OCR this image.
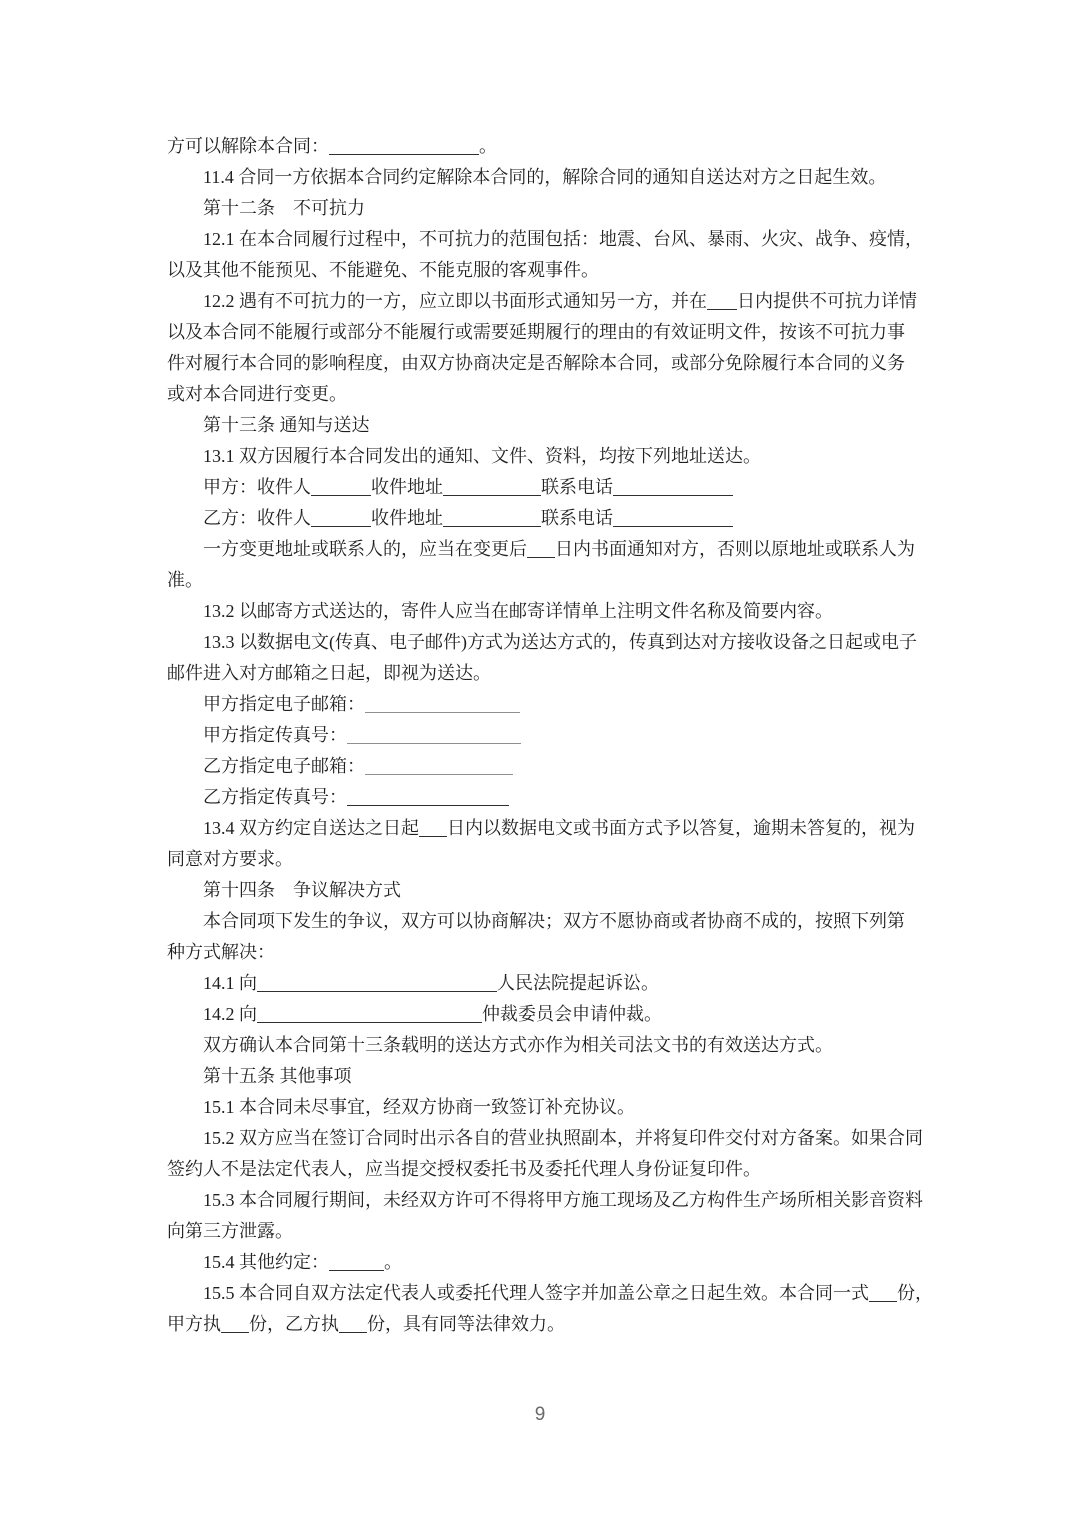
方可以解除本合同：	。

11.4 合同一方依据本合同约定解除本合同的，解除合同的通知自送达对方之日起生效。

第十二条　不可抗力

12.1 在本合同履行过程中，不可抗力的范围包括：地震、台风、暴雨、火灾、战争、疫情，

以及其他不能预见、不能避免、不能克服的客观事件。

12.2 遇有不可抗力的一方，应立即以书面形式通知另一方，并在 日内提供不可抗力详情

以及本合同不能履行或部分不能履行或需要延期履行的理由的有效证明文件，按该不可抗力事

件对履行本合同的影响程度，由双方协商决定是否解除本合同，或部分免除履行本合同的义务

或对本合同进行变更。

第十三条 通知与送达

13.1 双方因履行本合同发出的通知、文件、资料，均按下列地址送达。

甲方：收件人	收件地址	联系电话

乙方：收件人	收件地址	联系电话

一方变更地址或联系人的，应当在变更后 日内书面通知对方，否则以原地址或联系人为

准。

13.2 以邮寄方式送达的，寄件人应当在邮寄详情单上注明文件名称及简要内容。

13.3 以数据电文(传真、电子邮件)方式为送达方式的，传真到达对方接收设备之日起或电子

邮件进入对方邮箱之日起，即视为送达。

甲方指定电子邮箱：

甲方指定传真号：

乙方指定电子邮箱：

乙方指定传真号：

13.4 双方约定自送达之日起 日内以数据电文或书面方式予以答复，逾期未答复的，视为

同意对方要求。

第十四条　争议解决方式

本合同项下发生的争议，双方可以协商解决；双方不愿协商或者协商不成的，按照下列第

种方式解决：

14.1 向	人民法院提起诉讼。

14.2 向	仲裁委员会申请仲裁。

双方确认本合同第十三条载明的送达方式亦作为相关司法文书的有效送达方式。

第十五条 其他事项

15.1 本合同未尽事宜，经双方协商一致签订补充协议。

15.2 双方应当在签订合同时出示各自的营业执照副本，并将复印件交付对方备案。如果合同

签约人不是法定代表人，应当提交授权委托书及委托代理人身份证复印件。

15.3 本合同履行期间，未经双方许可不得将甲方施工现场及乙方构件生产场所相关影音资料

向第三方泄露。

15.4 其他约定：	。

15.5 本合同自双方法定代表人或委托代理人签字并加盖公章之日起生效。本合同一式 份，

甲方执 份，乙方执 份，具有同等法律效力。

9
